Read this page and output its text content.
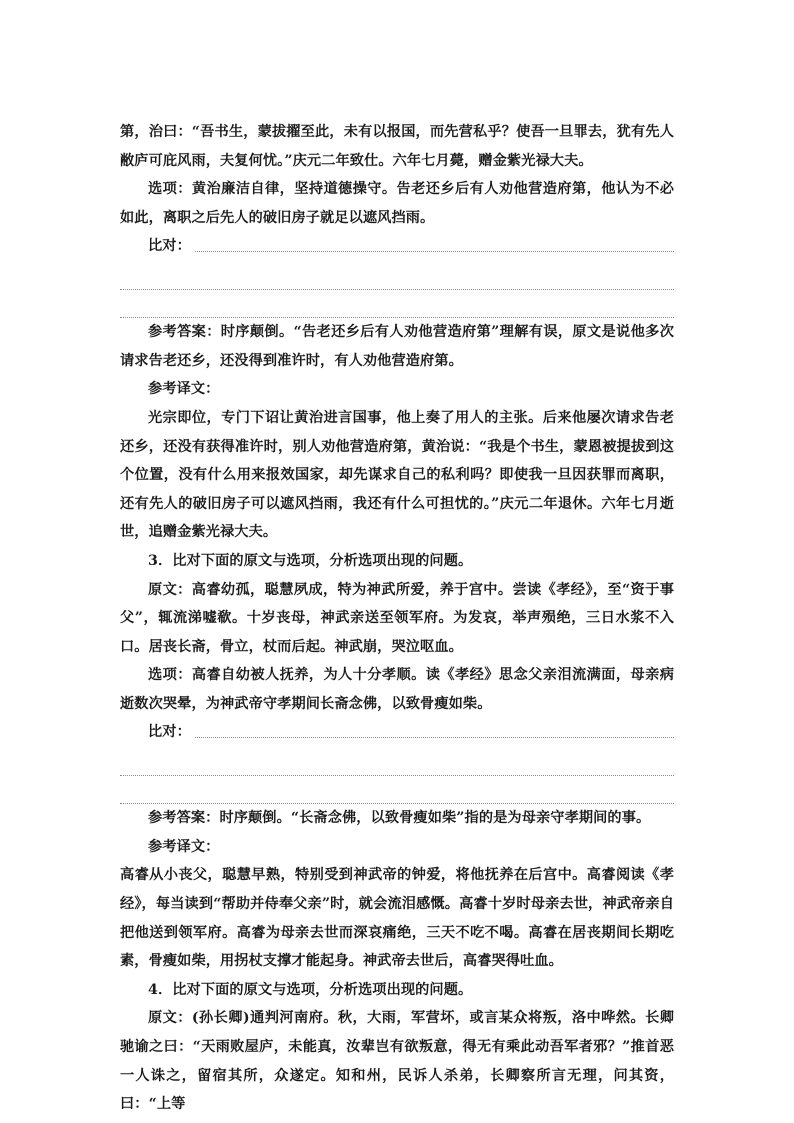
第，治曰：“吾书生，蒙拔擢至此，未有以报国，而先营私乎？使吾一旦罪去，犹有先人敝庐可庇风雨，夫复何忧。”庆元二年致仕。六年七月薨，赠金紫光禄大夫。

选项：黄治廉洁自律，坚持道德操守。告老还乡后有人劝他营造府第，他认为不必如此，离职之后先人的破旧房子就足以遮风挡雨。

比对：

参考答案：时序颠倒。“告老还乡后有人劝他营造府第”理解有误，原文是说他多次请求告老还乡，还没得到准许时，有人劝他营造府第。

参考译文：

光宗即位，专门下诏让黄治进言国事，他上奏了用人的主张。后来他屡次请求告老还乡，还没有获得准许时，别人劝他营造府第，黄治说：“我是个书生，蒙恩被提拔到这个位置，没有什么用来报效国家，却先谋求自己的私利吗？即使我一旦因获罪而离职，还有先人的破旧房子可以遮风挡雨，我还有什么可担忧的。”庆元二年退休。六年七月逝世，追赠金紫光禄大夫。

3．比对下面的原文与选项，分析选项出现的问题。

原文：高睿幼孤，聪慧夙成，特为神武所爱，养于宫中。尝读《孝经》，至“资于事父”，辄流涕嘘欷。十岁丧母，神武亲送至领军府。为发哀，举声殒绝，三日水浆不入口。居丧长斋，骨立，杖而后起。神武崩，哭泣呕血。

选项：高睿自幼被人抚养，为人十分孝顺。读《孝经》思念父亲泪流满面，母亲病逝数次哭晕，为神武帝守孝期间长斋念佛，以致骨瘦如柴。

比对：

参考答案：时序颠倒。“长斋念佛，以致骨瘦如柴”指的是为母亲守孝期间的事。

参考译文：

高睿从小丧父，聪慧早熟，特别受到神武帝的钟爱，将他抚养在后宫中。高睿阅读《孝经》，每当读到“帮助并侍奉父亲”时，就会流泪感慨。高睿十岁时母亲去世，神武帝亲自把他送到领军府。高睿为母亲去世而深哀痛绝，三天不吃不喝。高睿在居丧期间长期吃素，骨瘦如柴，用拐杖支撑才能起身。神武帝去世后，高睿哭得吐血。

4．比对下面的原文与选项，分析选项出现的问题。

原文：(孙长卿)通判河南府。秋，大雨，军营坏，或言某众将叛，洛中哗然。长卿驰谕之曰：“天雨败屋庐，未能真，汝辈岂有欲叛意，得无有乘此动吾军者邪？”推首恶一人诛之，留宿其所，众遂定。知和州，民诉人杀弟，长卿察所言无理，问其资，曰：“上等
